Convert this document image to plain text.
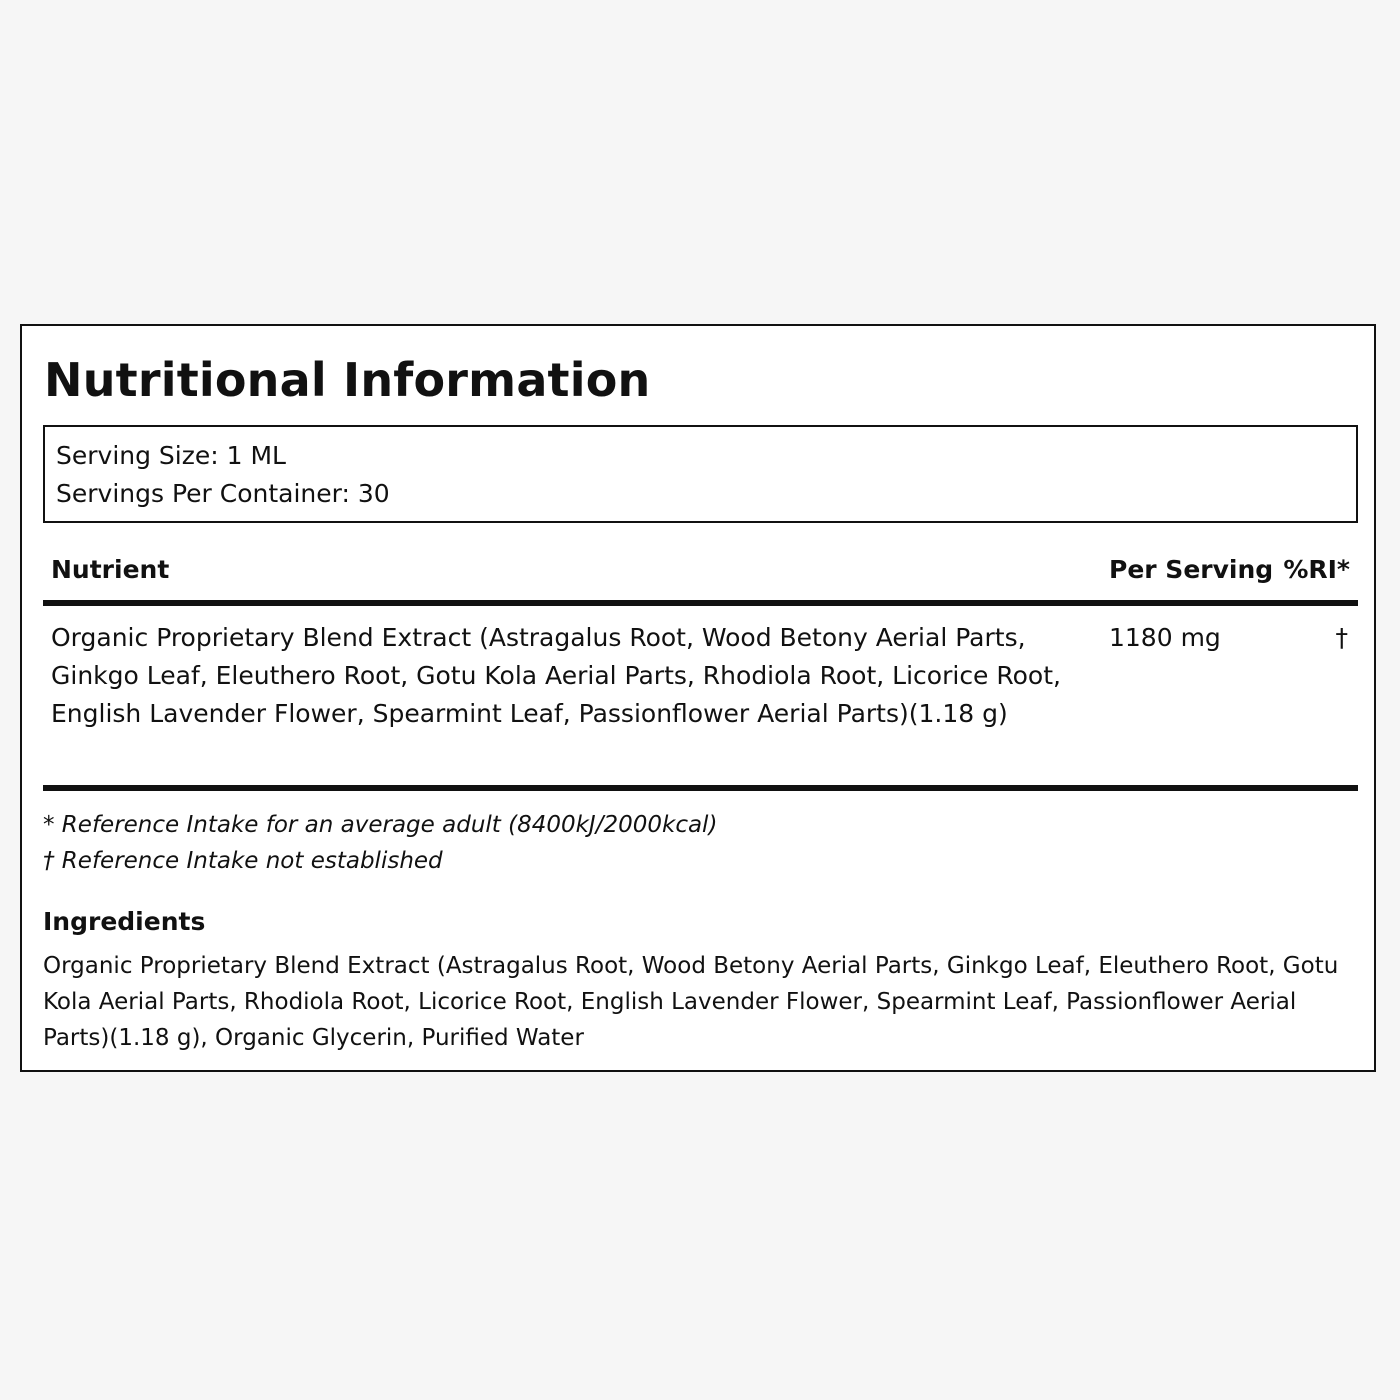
Nutritional Information
Serving Size: 1 ML
Servings Per Container: 30
Nutrient	Per Serving %RI*
Organic Proprietary Blend Extract (Astragalus Root, Wood Betony Aerial Parts, Ginkgo Leaf, Eleuthero Root, Gotu Kola Aerial Parts, Rhodiola Root, Licorice Root, English Lavender Flower, Spearmint Leaf, Passionflower Aerial Parts)(1.18 g)
1180 mg	†
* Reference Intake for an average adult (8400kJ/2000kcal)
† Reference Intake not established
Ingredients
Organic Proprietary Blend Extract (Astragalus Root, Wood Betony Aerial Parts, Ginkgo Leaf, Eleuthero Root, Gotu Kola Aerial Parts, Rhodiola Root, Licorice Root, English Lavender Flower, Spearmint Leaf, Passionflower Aerial Parts)(1.18 g), Organic Glycerin, Purified Water
